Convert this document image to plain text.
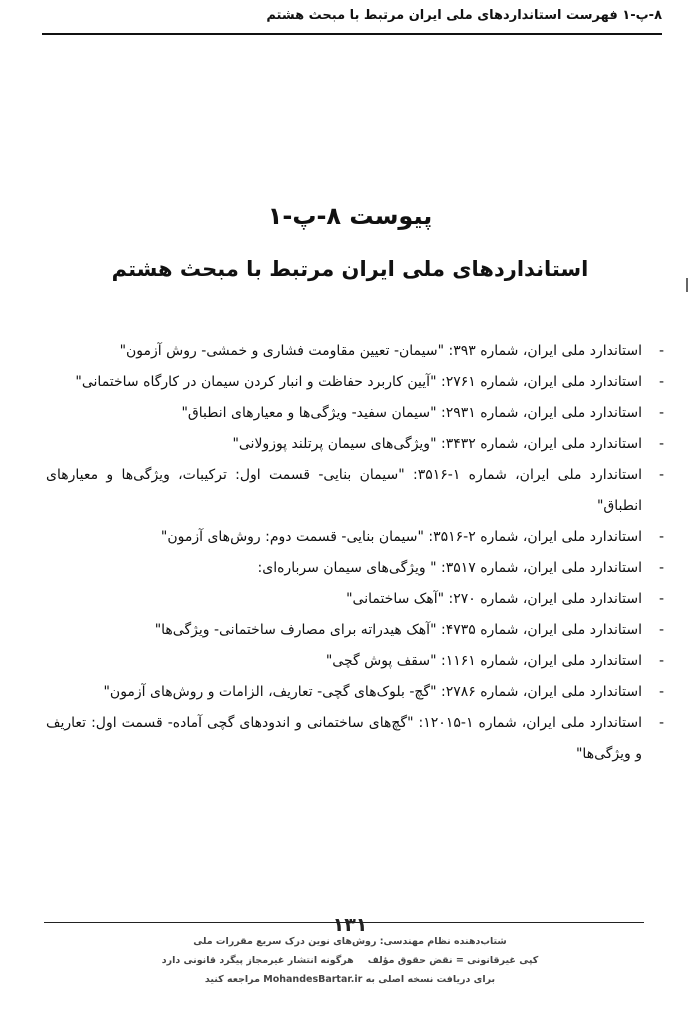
۸-پ-۱ فهرست استانداردهای ملی ایران مرتبط با مبحث هشتم
پیوست ۸-پ-۱
استانداردهای ملی ایران مرتبط با مبحث هشتم
-
استاندارد ملی ایران، شماره ۳۹۳: "سیمان- تعیین مقاومت فشاری و خمشی- روش آزمون"
-
استاندارد ملی ایران، شماره ۲۷۶۱: "آیین کاربرد حفاظت و انبار کردن سیمان در کارگاه ساختمانی"
-
استاندارد ملی ایران، شماره ۲۹۳۱: "سیمان سفید- ویژگی‌ها و معیارهای انطباق"
-
استاندارد ملی ایران، شماره ۳۴۳۲: "ویژگی‌های سیمان پرتلند پوزولانی"
-
استاندارد ملی ایران، شماره ۱-۳۵۱۶: "سیمان بنایی- قسمت اول: ترکیبات، ویژگی‌ها و معیارهای انطباق"
-
استاندارد ملی ایران، شماره ۲-۳۵۱۶: "سیمان بنایی- قسمت دوم: روش‌های آزمون"
-
استاندارد ملی ایران، شماره ۳۵۱۷: " ویژگی‌های سیمان سرباره‌ای:
-
استاندارد ملی ایران، شماره ۲۷۰: "آهک ساختمانی"
-
استاندارد ملی ایران، شماره ۴۷۳۵: "آهک هیدراته برای مصارف ساختمانی- ویژگی‌ها"
-
استاندارد ملی ایران، شماره ۱۱۶۱: "سقف پوش گچی"
-
استاندارد ملی ایران، شماره ۲۷۸۶: "گچ- بلوک‌های گچی- تعاریف، الزامات و روش‌های آزمون"
-
استاندارد ملی ایران، شماره ۱-۱۲۰۱۵: "گچ‌های ساختمانی و اندودهای گچی آماده- قسمت اول: تعاریف و ویژگی‌ها"
۱۳۱
شتاب‌دهنده نظام مهندسی: روش‌های نوین درک سریع مقررات ملی
کپی غیرقانونی = نقض حقوق مؤلفهرگونه انتشار غیرمجاز پیگرد قانونی دارد
برای دریافت نسخه اصلی به MohandesBartar.ir مراجعه کنید
